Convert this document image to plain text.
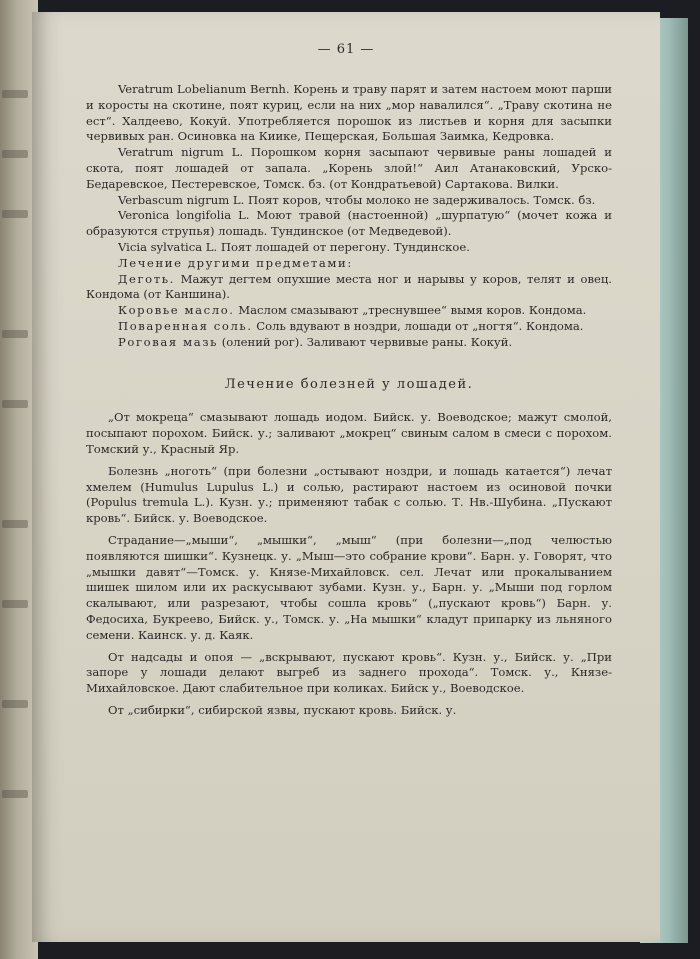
— 61 —

Veratrum Lobelianum Bernh. Корень и траву парят и затем настоем моют парши и коросты на скотине, поят куриц, если на них „мор навалился“. „Траву скотина не ест“. Халдеево, Кокуй. Употребляется порошок из листьев и корня для засыпки червивых ран. Осиновка на Киике, Пещерская, Большая Заимка, Кедровка.

Veratrum nigrum L. Порошком корня засыпают червивые раны лошадей и скота, поят лошадей от запала. „Корень злой!“ Аил Атанаковский, Урско-Бедаревское, Пестеревское, Томск. бз. (от Кондратьевой) Сартакова. Вилки.

Verbascum nigrum L. Поят коров, чтобы молоко не задерживалось. Томск. бз.

Veronica longifolia L. Моют травой (настоенной) „шурпатую“ (мочет кожа и образуются струпья) лошадь. Тундинское (от Медведевой).

Vicia sylvatica L. Поят лошадей от перегону. Тундинское.

Лечение другими предметами:

Деготь. Мажут дегтем опухшие места ног и нарывы у коров, телят и овец. Кондома (от Каншина).

Коровье масло. Маслом смазывают „треснувшее“ вымя коров. Кондома.

Поваренная соль. Соль вдувают в ноздри, лошади от „ногтя“. Кондома.

Роговая мазь (олений рог). Заливают червивые раны. Кокуй.

Лечение болезней у лошадей.

„От мокреца“ смазывают лошадь иодом. Бийск. у. Воеводское; мажут смолой, посыпают порохом. Бийск. у.; заливают „мокрец“ свиным салом в смеси с порохом. Томский у., Красный Яр.

Болезнь „ноготь“ (при болезни „остывают ноздри, и лошадь катается“) лечат хмелем (Humulus Lupulus L.) и солью, растирают настоем из осиновой почки (Populus tremula L.). Кузн. у.; применяют табак с солью. Т. Нв.-Шубина. „Пускают кровь“. Бийск. у. Воеводское.

Страдание—„мыши“, „мышки“, „мыш“ (при болезни—„под челюстью появляются шишки“. Кузнецк. у. „Мыш—это собрание крови“. Барн. у. Говорят, что „мышки давят“—Томск. у. Князе-Михайловск. сел. Лечат или прокалыванием шишек шилом или их раскусывают зубами. Кузн. у., Барн. у. „Мыши под горлом скалывают, или разрезают, чтобы сошла кровь“ („пускают кровь“) Барн. у. Федосиха, Букреево, Бийск. у., Томск. у. „На мышки“ кладут припарку из льняного семени. Каинск. у. д. Каяк.

От надсады и опоя — „вскрывают, пускают кровь“. Кузн. у., Бийск. у. „При запоре у лошади делают выгреб из заднего прохода“. Томск. у., Князе-Михайловское. Дают слабительное при коликах. Бийск у., Воеводское.

От „сибирки“, сибирской язвы, пускают кровь. Бийск. у.
